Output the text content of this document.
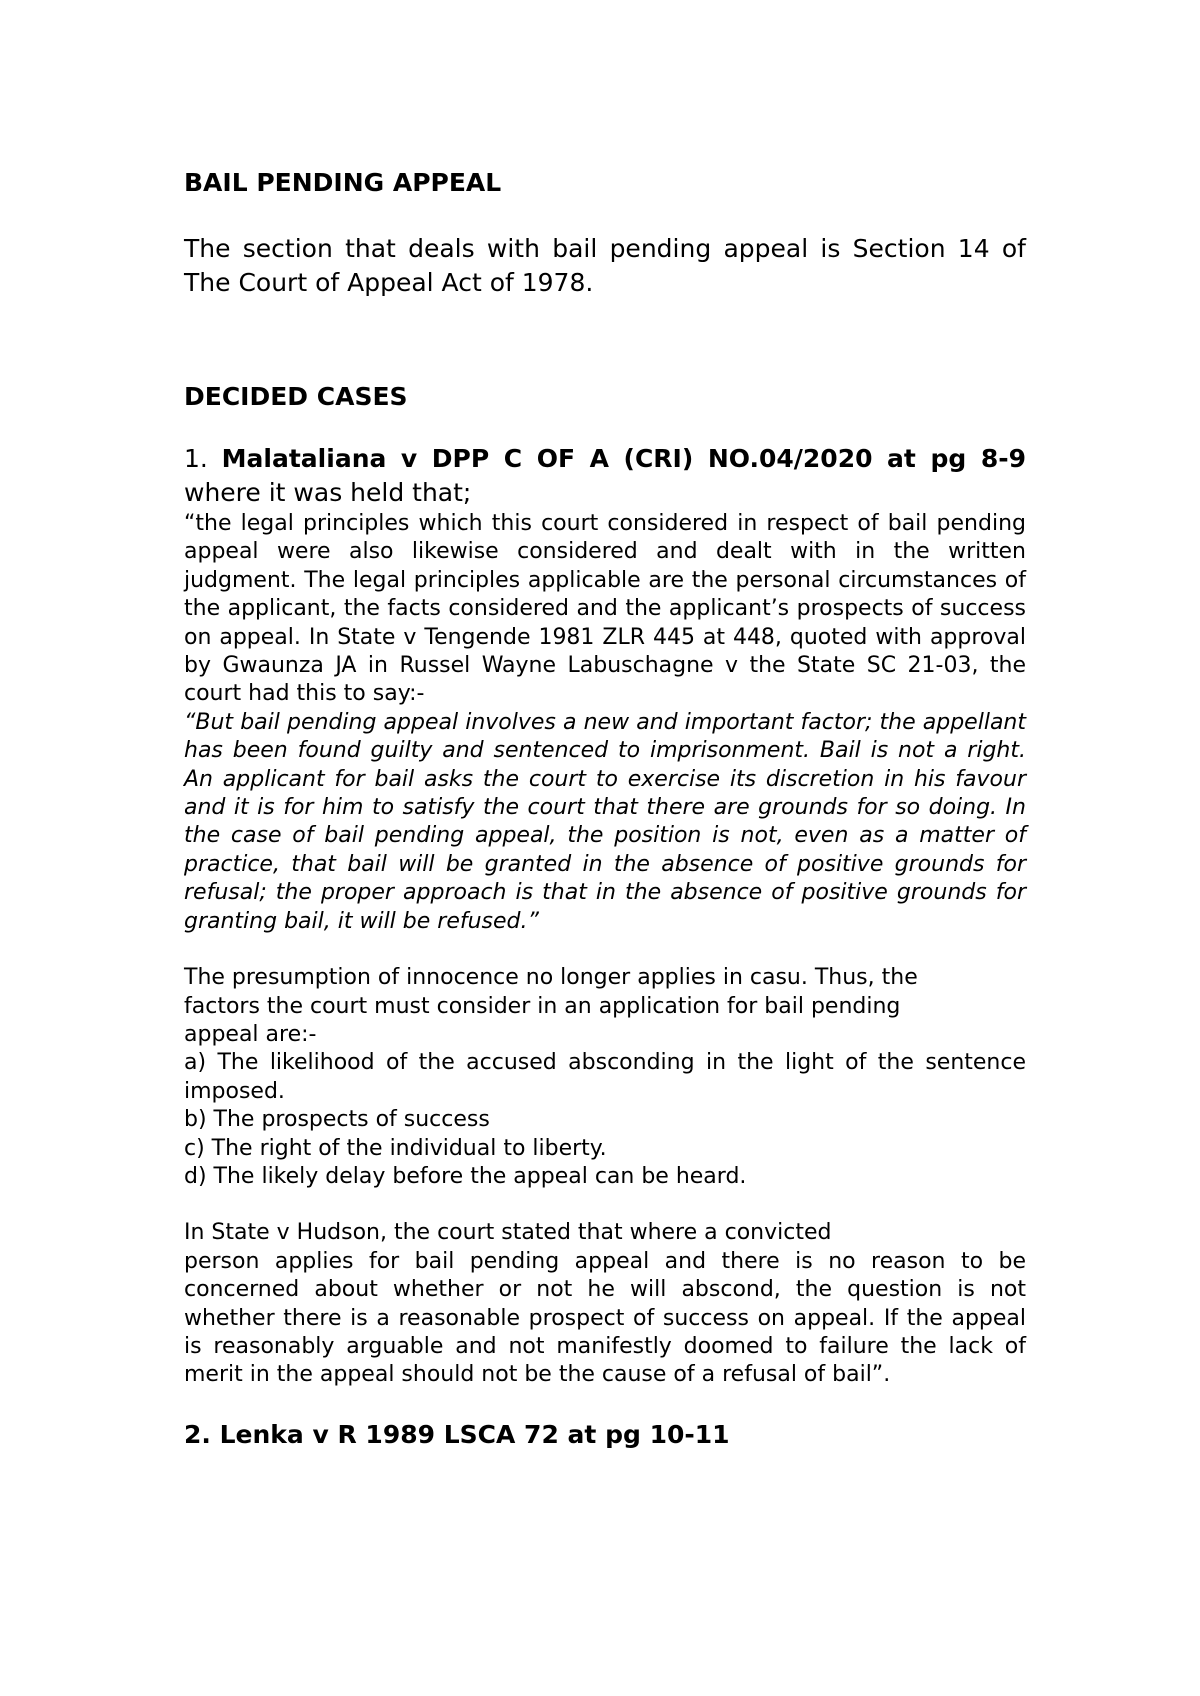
BAIL PENDING APPEAL

The section that deals with bail pending appeal is Section 14 of The Court of Appeal Act of 1978.

DECIDED CASES

1. Malataliana v DPP C OF A (CRI) NO.04/2020 at pg 8-9 where it was held that;

“the legal principles which this court considered in respect of bail pending appeal were also likewise considered and dealt with in the written judgment. The legal principles applicable are the personal circumstances of the applicant, the facts considered and the applicant’s prospects of success on appeal. In State v Tengende 1981 ZLR 445 at 448, quoted with approval by Gwaunza JA in Russel Wayne Labuschagne v the State SC 21-03, the court had this to say:-

“But bail pending appeal involves a new and important factor; the appellant has been found guilty and sentenced to imprisonment. Bail is not a right. An applicant for bail asks the court to exercise its discretion in his favour and it is for him to satisfy the court that there are grounds for so doing. In the case of bail pending appeal, the position is not, even as a matter of practice, that bail will be granted in the absence of positive grounds for refusal; the proper approach is that in the absence of positive grounds for granting bail, it will be refused.”

The presumption of innocence no longer applies in casu. Thus, the

factors the court must consider in an application for bail pending

appeal are:-

a) The likelihood of the accused absconding in the light of the sentence imposed.

b) The prospects of success

c) The right of the individual to liberty.

d) The likely delay before the appeal can be heard.

In State v Hudson, the court stated that where a convicted

person applies for bail pending appeal and there is no reason to be concerned about whether or not he will abscond, the question is not whether there is a reasonable prospect of success on appeal. If the appeal is reasonably arguable and not manifestly doomed to failure the lack of merit in the appeal should not be the cause of a refusal of bail”.

2. Lenka v R 1989 LSCA 72 at pg 10-11
